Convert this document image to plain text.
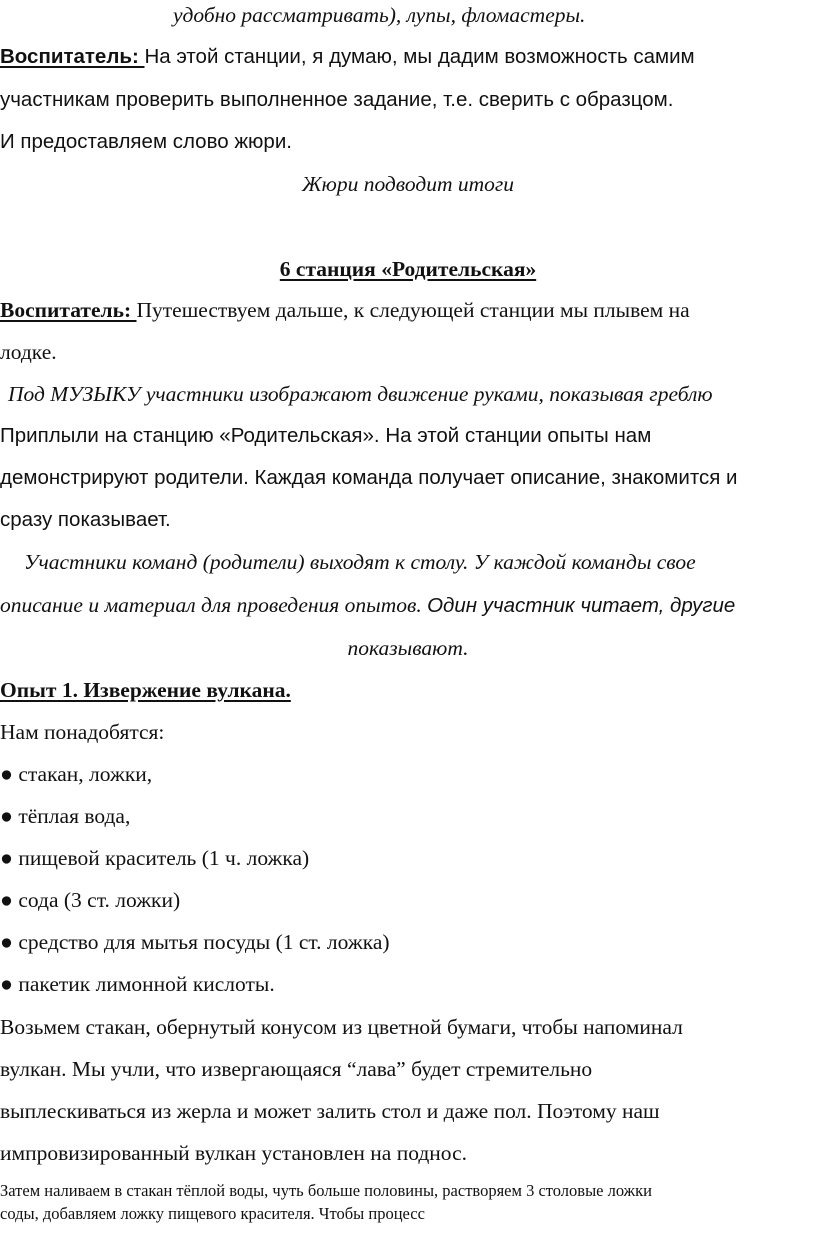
удобно рассматривать), лупы, фломастеры.
Воспитатель: На этой станции, я думаю, мы дадим возможность самим
участникам проверить выполненное задание, т.е. сверить с образцом.
И предоставляем слово жюри.
Жюри подводит итоги
6 станция «Родительская»
Воспитатель: Путешествуем дальше, к следующей станции мы плывем на
лодке.
Под МУЗЫКУ участники изображают движение руками, показывая греблю
Приплыли на станцию «Родительская». На этой станции опыты нам
демонстрируют родители. Каждая команда получает описание, знакомится и
сразу показывает.
Участники команд (родители) выходят к столу. У каждой команды свое
описание и материал для проведения опытов. Один участник читает, другие
показывают.
Опыт 1. Извержение вулкана.
Нам понадобятся:
● стакан, ложки,
● тёплая вода,
● пищевой краситель (1 ч. ложка)
● сода (3 ст. ложки)
● средство для мытья посуды (1 ст. ложка)
● пакетик лимонной кислоты.
Возьмем стакан, обернутый конусом из цветной бумаги, чтобы напоминал
вулкан. Мы учли, что извергающаяся “лава” будет стремительно
выплескиваться из жерла и может залить стол и даже пол. Поэтому наш
импровизированный вулкан установлен на поднос.
Затем наливаем в стакан тёплой воды, чуть больше половины, растворяем 3 столовые ложки
соды, добавляем ложку пищевого красителя. Чтобы процесс
